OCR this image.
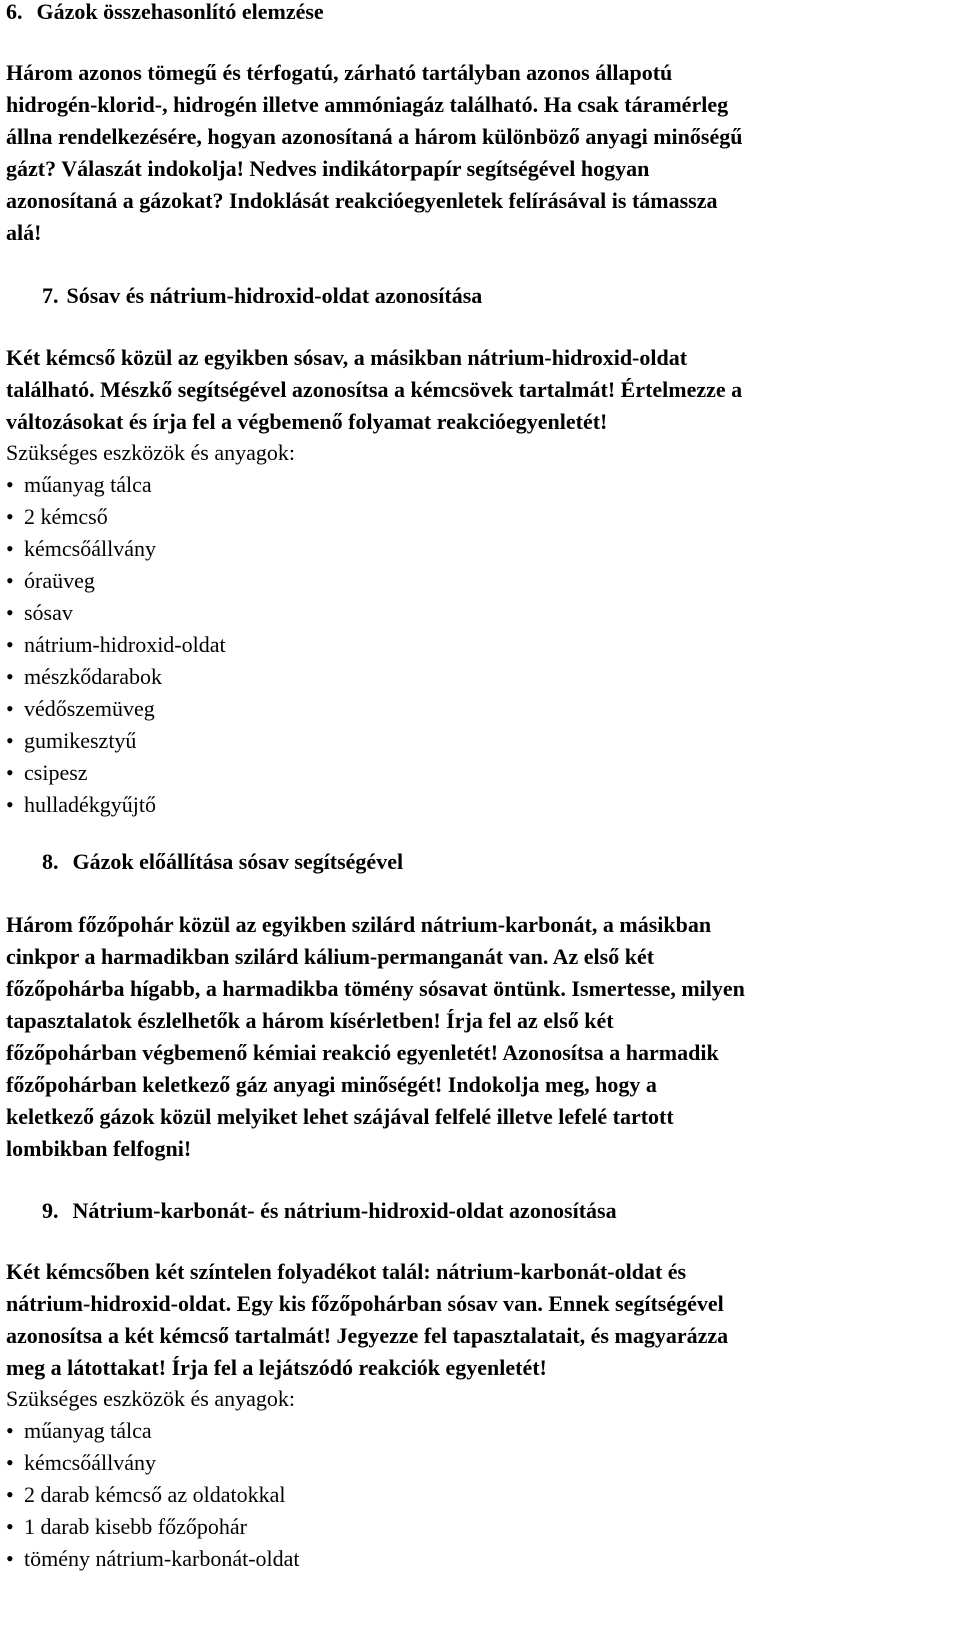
6. Gázok összehasonlító elemzése
Három azonos tömegű és térfogatú, zárható tartályban azonos állapotú
hidrogén-klorid-, hidrogén illetve ammóniagáz található. Ha csak táramérleg
állna rendelkezésére, hogyan azonosítaná a három különböző anyagi minőségű
gázt? Válaszát indokolja! Nedves indikátorpapír segítségével hogyan
azonosítaná a gázokat? Indoklását reakcióegyenletek felírásával is támassza
alá!
7. Sósav és nátrium-hidroxid-oldat azonosítása
Két kémcső közül az egyikben sósav, a másikban nátrium-hidroxid-oldat
található. Mészkő segítségével azonosítsa a kémcsövek tartalmát! Értelmezze a
változásokat és írja fel a végbemenő folyamat reakcióegyenletét!
Szükséges eszközök és anyagok:
• műanyag tálca
• 2 kémcső
• kémcsőállvány
• óraüveg
• sósav
• nátrium-hidroxid-oldat
• mészkődarabok
• védőszemüveg
• gumikesztyű
• csipesz
• hulladékgyűjtő
8. Gázok előállítása sósav segítségével
Három főzőpohár közül az egyikben szilárd nátrium-karbonát, a másikban
cinkpor a harmadikban szilárd kálium-permanganát van. Az első két
főzőpohárba hígabb, a harmadikba tömény sósavat öntünk. Ismertesse, milyen
tapasztalatok észlelhetők a három kísérletben! Írja fel az első két
főzőpohárban végbemenő kémiai reakció egyenletét! Azonosítsa a harmadik
főzőpohárban keletkező gáz anyagi minőségét! Indokolja meg, hogy a
keletkező gázok közül melyiket lehet szájával felfelé illetve lefelé tartott
lombikban felfogni!
9. Nátrium-karbonát- és nátrium-hidroxid-oldat azonosítása
Két kémcsőben két színtelen folyadékot talál: nátrium-karbonát-oldat és
nátrium-hidroxid-oldat. Egy kis főzőpohárban sósav van. Ennek segítségével
azonosítsa a két kémcső tartalmát! Jegyezze fel tapasztalatait, és magyarázza
meg a látottakat! Írja fel a lejátszódó reakciók egyenletét!
Szükséges eszközök és anyagok:
• műanyag tálca
• kémcsőállvány
• 2 darab kémcső az oldatokkal
• 1 darab kisebb főzőpohár
• tömény nátrium-karbonát-oldat
